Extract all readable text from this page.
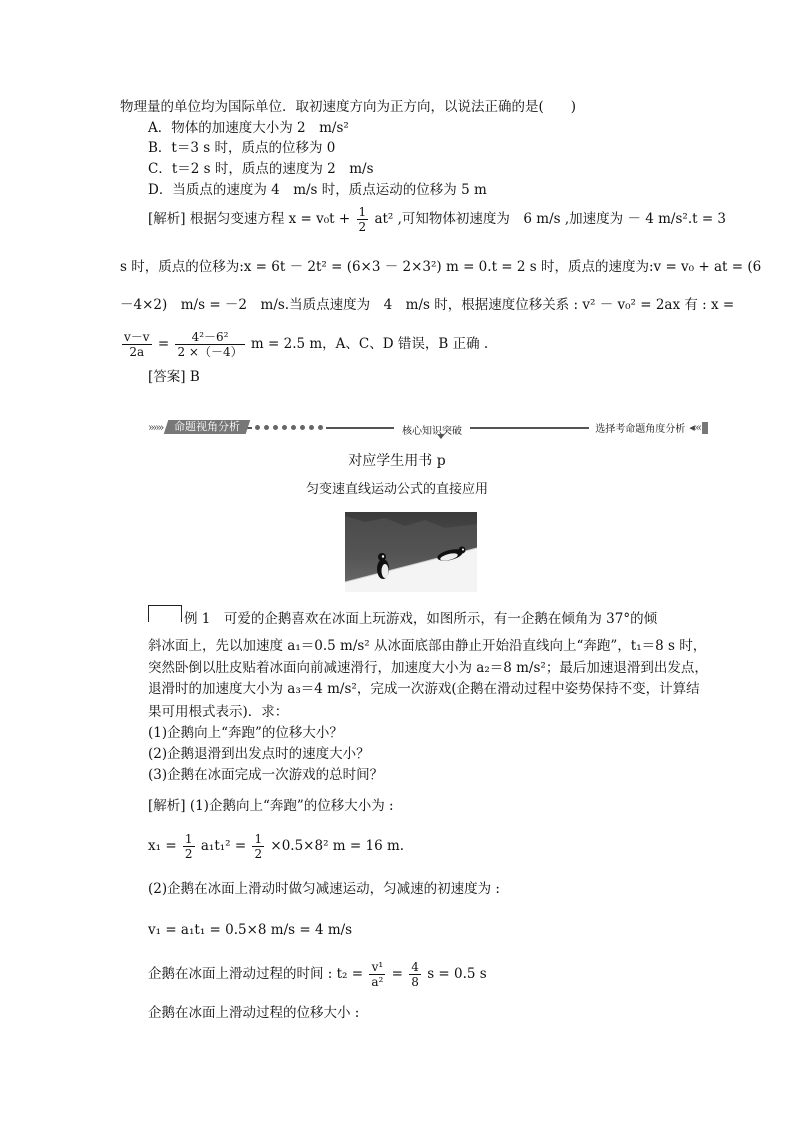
物理量的单位均为国际单位．取初速度方向为正方向，以说法正确的是(　　)
A．物体的加速度大小为 2　m/s²
B．t＝3 s 时，质点的位移为 0
C．t＝2 s 时，质点的速度为 2　m/s
D．当质点的速度为 4　m/s 时，质点运动的位移为 5 m
[解析] 根据匀变速方程 $x = v_0t + \frac{1}{2} at^2$ ,可知物体初速度为　6 m/s ,加速度为 － 4 m/s².t = 3
s 时，质点的位移为:x = 6t － 2t² = (6×3 － 2×3²) m = 0.t = 2 s 时，质点的速度为:v = v₀ + at = (6
－4×2)　m/s = －2　m/s.当质点速度为　4　m/s 时，根据速度位移关系 : v² － v₀² = 2ax 有 : x =
$\frac{v-v}{2a} = \frac{\text{4²－6²}}{2 \times(-4)}$ m = 2.5 m，A、C、D 错误，B 正确 .
[答案] B
››››››	命题视角分析	核心知识突破	选择考命题角度分析 ◂‹‹‹
对应学生用书 p
匀变速直线运动公式的直接应用
例 1　可爱的企鹅喜欢在冰面上玩游戏，如图所示，有一企鹅在倾角为 37°的倾
斜冰面上，先以加速度 a₁＝0.5 m/s² 从冰面底部由静止开始沿直线向上“奔跑”，t₁＝8 s 时，
突然卧倒以肚皮贴着冰面向前减速滑行，加速度大小为 a₂＝8 m/s²；最后加速退滑到出发点，
退滑时的加速度大小为 a₃＝4 m/s²，完成一次游戏(企鹅在滑动过程中姿势保持不变，计算结
果可用根式表示)．求：
(1)企鹅向上“奔跑”的位移大小？
(2)企鹅退滑到出发点时的速度大小？
(3)企鹅在冰面完成一次游戏的总时间？
[解析] (1)企鹅向上“奔跑”的位移大小为 :
$x_1 = \frac{1}{2} a_1t_1^2 = \frac{1}{2} \times 0.5\times 8^2$ m = 16 m.
(2)企鹅在冰面上滑动时做匀减速运动，匀减速的初速度为 :
v₁ = a₁t₁ = 0.5×8 m/s = 4 m/s
企鹅在冰面上滑动过程的时间 : $t_2 = \frac{\text{v¹}}{\text{a²}} = \frac{4}{8}$ s = 0.5 s
企鹅在冰面上滑动过程的位移大小 :
